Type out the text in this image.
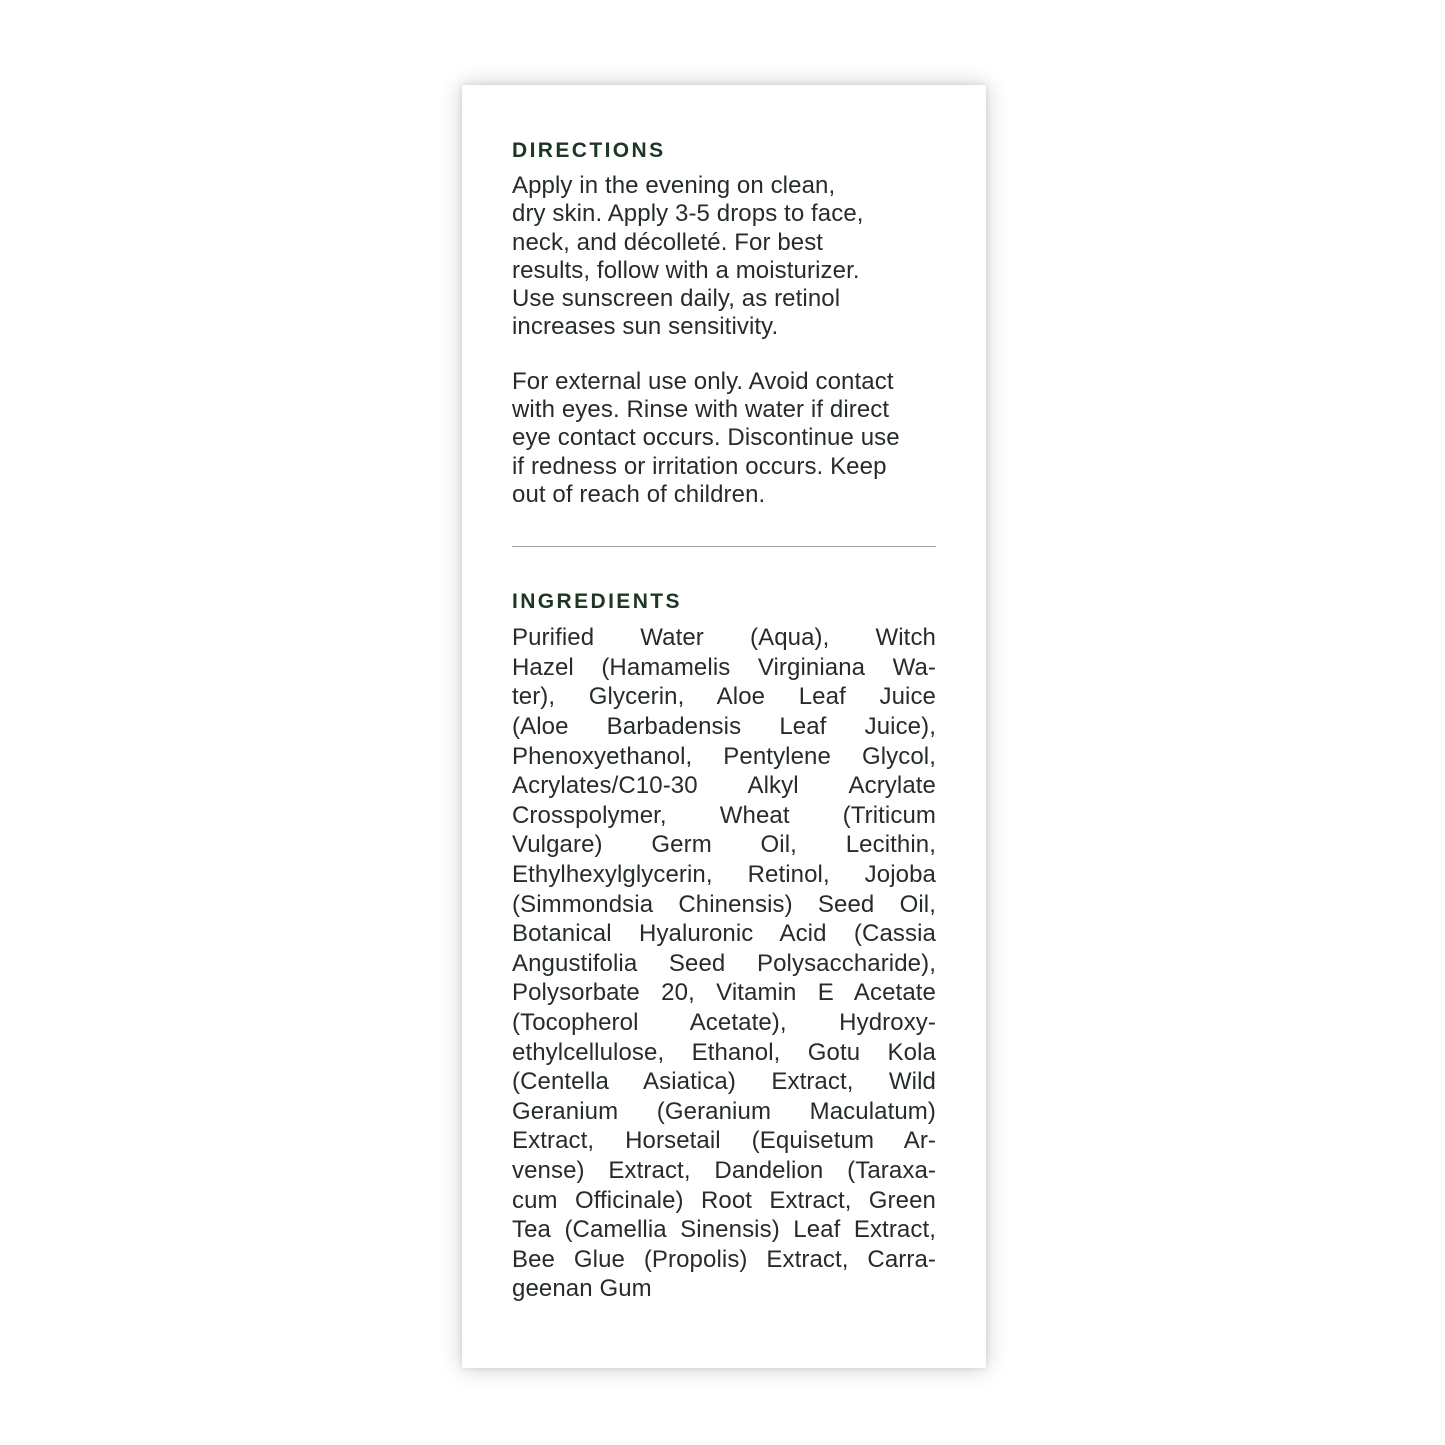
DIRECTIONS
Apply in the evening on clean,
dry skin. Apply 3-5 drops to face,
neck, and décolleté. For best
results, follow with a moisturizer.
Use sunscreen daily, as retinol
increases sun sensitivity.
For external use only. Avoid contact
with eyes. Rinse with water if direct
eye contact occurs. Discontinue use
if redness or irritation occurs. Keep
out of reach of children.
INGREDIENTS
Purified Water (Aqua), Witch
Hazel (Hamamelis Virginiana Wa-
ter), Glycerin, Aloe Leaf Juice
(Aloe Barbadensis Leaf Juice),
Phenoxyethanol, Pentylene Glycol,
Acrylates/C10-30 Alkyl Acrylate
Crosspolymer, Wheat (Triticum
Vulgare) Germ Oil, Lecithin,
Ethylhexylglycerin, Retinol, Jojoba
(Simmondsia Chinensis) Seed Oil,
Botanical Hyaluronic Acid (Cassia
Angustifolia Seed Polysaccharide),
Polysorbate 20, Vitamin E Acetate
(Tocopherol Acetate), Hydroxy-
ethylcellulose, Ethanol, Gotu Kola
(Centella Asiatica) Extract, Wild
Geranium (Geranium Maculatum)
Extract, Horsetail (Equisetum Ar-
vense) Extract, Dandelion (Taraxa-
cum Officinale) Root Extract, Green
Tea (Camellia Sinensis) Leaf Extract,
Bee Glue (Propolis) Extract, Carra-
geenan Gum
